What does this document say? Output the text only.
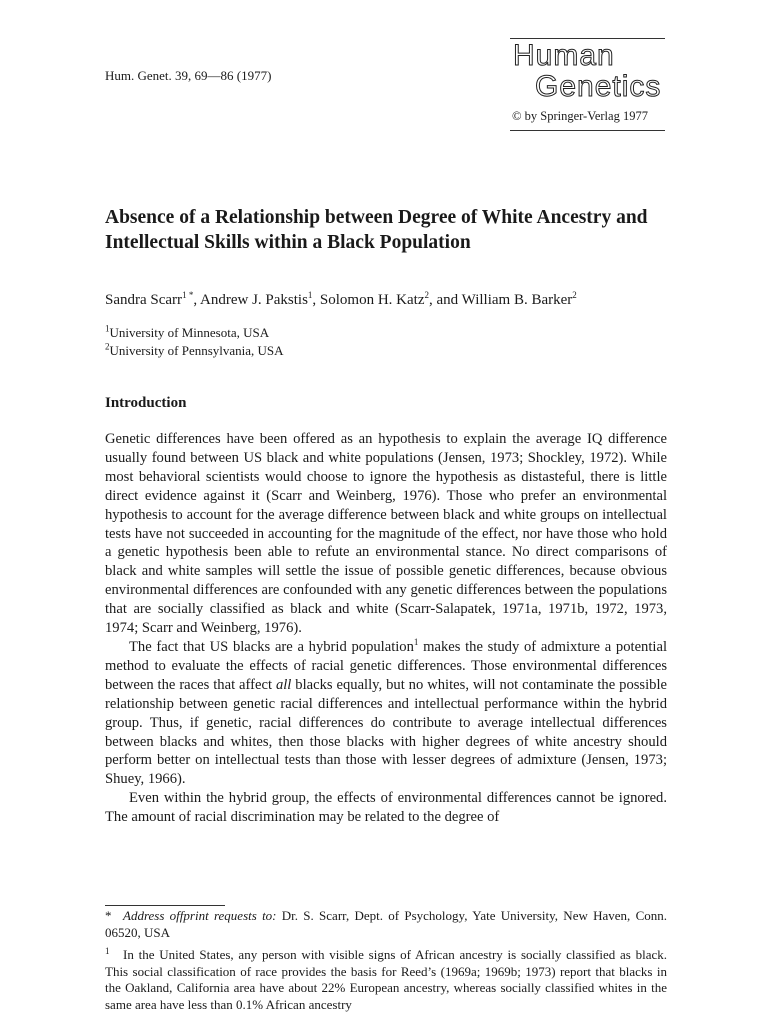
Hum. Genet. 39, 69—86 (1977)
Human
Genetics
© by Springer-Verlag 1977
Absence of a Relationship between Degree of White Ancestry and Intellectual Skills within a Black Population
Sandra Scarr$^{1 *}$, Andrew J. Pakstis$^1$, Solomon H. Katz$^2$, and William B. Barker$^2$
$^1$University of Minnesota, USA
$^2$University of Pennsylvania, USA
Introduction

Genetic differences have been offered as an hypothesis to explain the average IQ difference usually found between US black and white populations (Jensen, 1973; Shockley, 1972). While most behavioral scientists would choose to ignore the hypothesis as distasteful, there is little direct evidence against it (Scarr and Weinberg, 1976). Those who prefer an environmental hypothesis to account for the average difference between black and white groups on intellectual tests have not succeeded in accounting for the magnitude of the effect, nor have those who hold a genetic hypothesis been able to refute an environmental stance. No direct comparisons of black and white samples will settle the issue of possible genetic differences, because obvious environmental differences are confounded with any genetic differences between the populations that are socially classified as black and white (Scarr-Salapatek, 1971a, 1971b, 1972, 1973, 1974; Scarr and Weinberg, 1976).

The fact that US blacks are a hybrid population$^1$ makes the study of admixture a potential method to evaluate the effects of racial genetic differences. Those environmental differences between the races that affect all blacks equally, but no whites, will not contaminate the possible relationship between genetic racial differences and intellectual performance within the hybrid group. Thus, if genetic, racial differences do contribute to average intellectual differences between blacks and whites, then those blacks with higher degrees of white ancestry should perform better on intellectual tests than those with lesser degrees of admixture (Jensen, 1973; Shuey, 1966).

Even within the hybrid group, the effects of environmental differences cannot be ignored. The amount of racial discrimination may be related to the degree of

* Address offprint requests to: Dr. S. Scarr, Dept. of Psychology, Yate University, New Haven, Conn. 06520, USA

1 In the United States, any person with visible signs of African ancestry is socially classified as black. This social classification of race provides the basis for Reed’s (1969a; 1969b; 1973) report that blacks in the Oakland, California area have about 22% European ancestry, whereas socially classified whites in the same area have less than 0.1% African ancestry
